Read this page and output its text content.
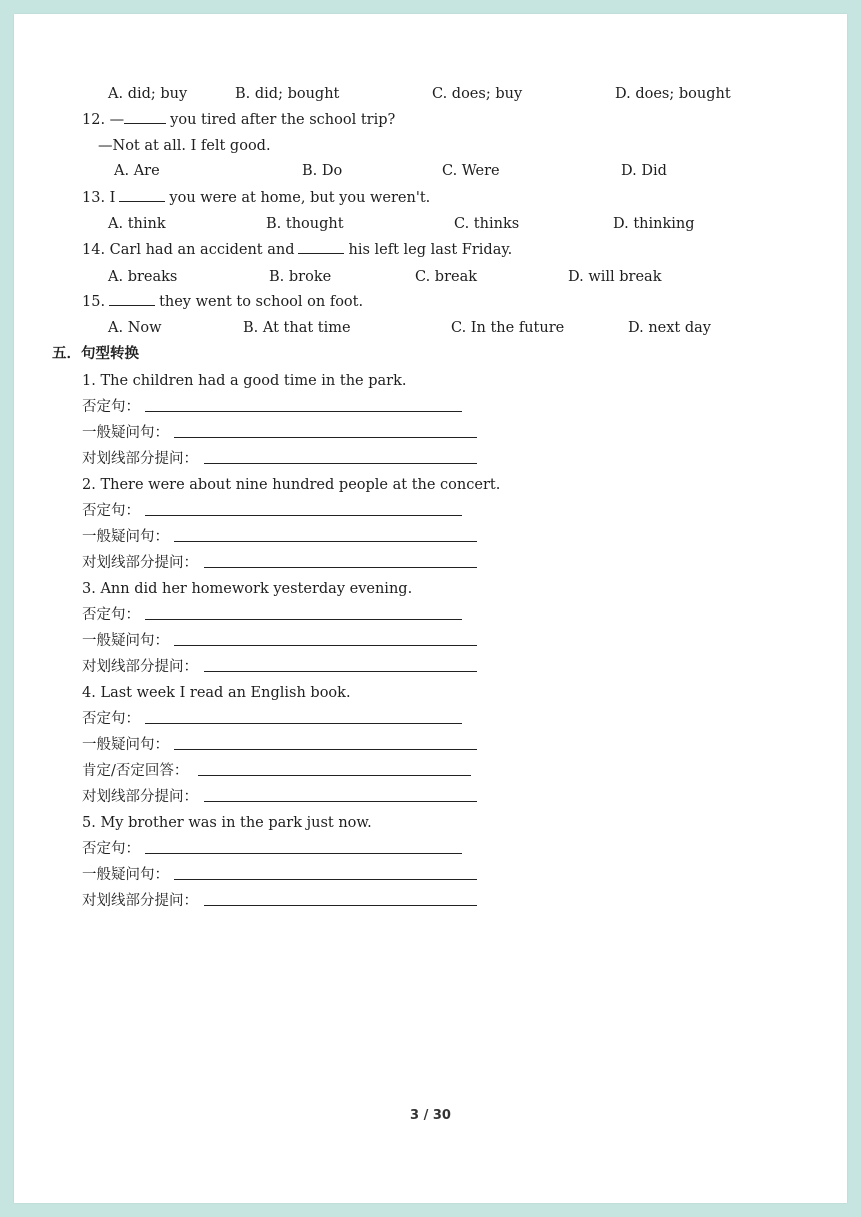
A. did; buy	B. did; bought	C. does; buy	D. does; bought
12. —	you tired after the school trip?
—Not at all. I felt good.
A. Are	B. Do	C. Were	D. Did
13. I	you were at home, but you weren't.
A. think	B. thought	C. thinks	D. thinking
14. Carl had an accident and	his left leg last Friday.
A. breaks	B. broke	C. break	D. will break
15.	they went to school on foot.
A. Now	B. At that time	C. In the future	D. next day
五．句型转换
1. The children had a good time in the park.
否定句：
一般疑问句：
对划线部分提问：
2. There were about nine hundred people at the concert.
否定句：
一般疑问句：
对划线部分提问：
3. Ann did her homework yesterday evening.
否定句：
一般疑问句：
对划线部分提问：
4. Last week I read an English book.
否定句：
一般疑问句：
肯定/否定回答：
对划线部分提问：
5. My brother was in the park just now.
否定句：
一般疑问句：
对划线部分提问：
3 / 30
